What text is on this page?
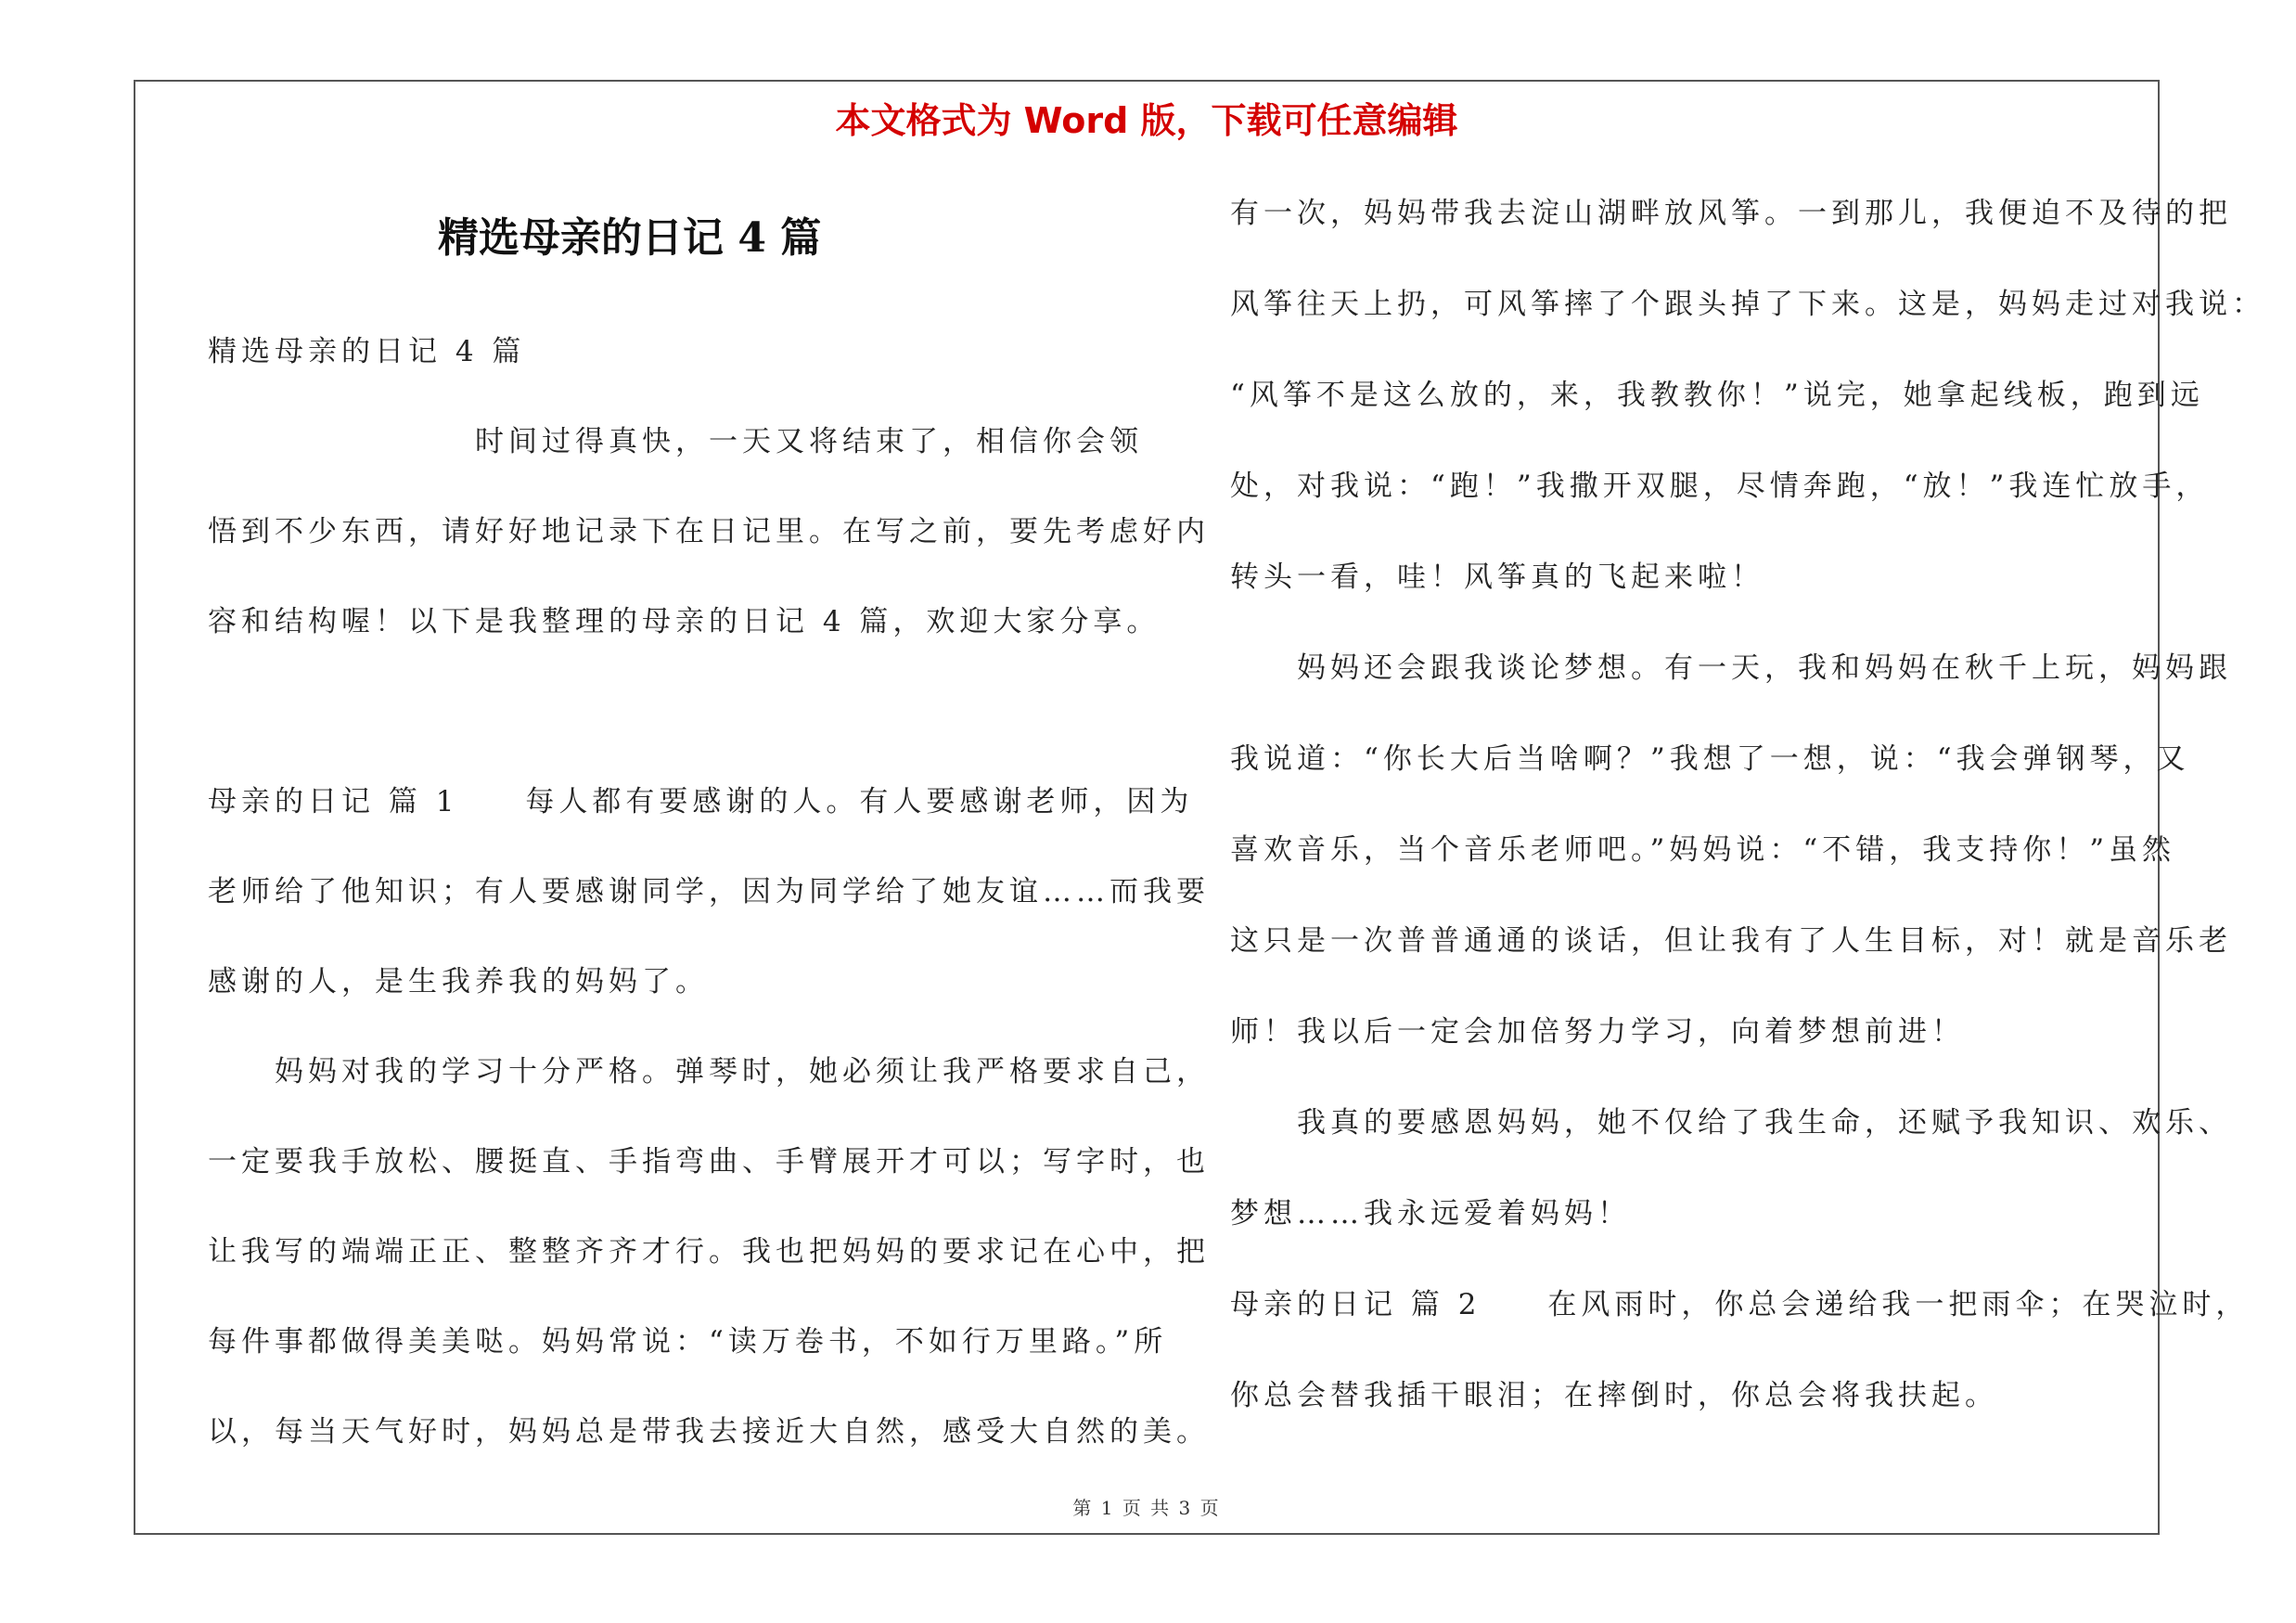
本文格式为 Word 版，下载可任意编辑
精选母亲的日记 4 篇
精选母亲的日记 4 篇
　　　　　　　　时间过得真快，一天又将结束了，相信你会领
悟到不少东西，请好好地记录下在日记里。在写之前，要先考虑好内
容和结构喔！以下是我整理的母亲的日记 4 篇，欢迎大家分享。
母亲的日记 篇 1　　每人都有要感谢的人。有人要感谢老师，因为
老师给了他知识；有人要感谢同学，因为同学给了她友谊……而我要
感谢的人，是生我养我的妈妈了。
　　妈妈对我的学习十分严格。弹琴时，她必须让我严格要求自己，
一定要我手放松、腰挺直、手指弯曲、手臂展开才可以；写字时，也
让我写的端端正正、整整齐齐才行。我也把妈妈的要求记在心中，把
每件事都做得美美哒。妈妈常说：“读万卷书，不如行万里路。”所
以，每当天气好时，妈妈总是带我去接近大自然，感受大自然的美。
有一次，妈妈带我去淀山湖畔放风筝。一到那儿，我便迫不及待的把
风筝往天上扔，可风筝摔了个跟头掉了下来。这是，妈妈走过对我说：
“风筝不是这么放的，来，我教教你！”说完，她拿起线板，跑到远
处，对我说：“跑！”我撒开双腿，尽情奔跑，“放！”我连忙放手，
转头一看，哇！风筝真的飞起来啦！
　　妈妈还会跟我谈论梦想。有一天，我和妈妈在秋千上玩，妈妈跟
我说道：“你长大后当啥啊？”我想了一想，说：“我会弹钢琴，又
喜欢音乐，当个音乐老师吧。”妈妈说：“不错，我支持你！”虽然
这只是一次普普通通的谈话，但让我有了人生目标，对！就是音乐老
师！我以后一定会加倍努力学习，向着梦想前进！
　　我真的要感恩妈妈，她不仅给了我生命，还赋予我知识、欢乐、
梦想……我永远爱着妈妈！
母亲的日记 篇 2　　在风雨时，你总会递给我一把雨伞；在哭泣时，
你总会替我插干眼泪；在摔倒时，你总会将我扶起。
第 1 页 共 3 页
